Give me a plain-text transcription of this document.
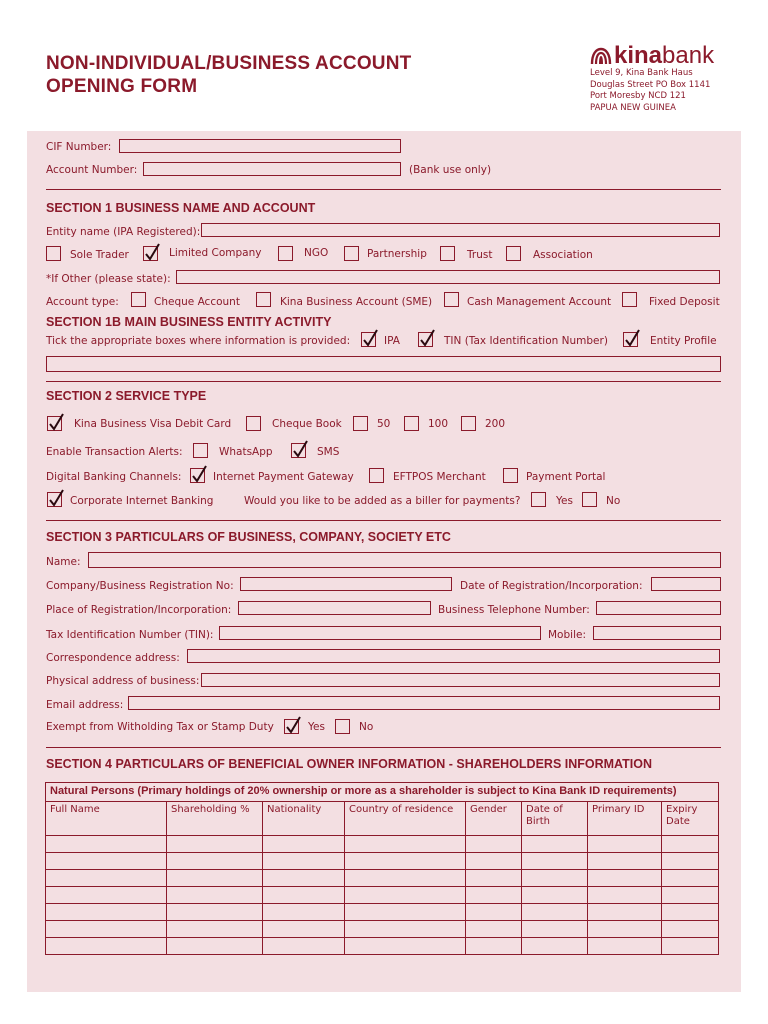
NON-INDIVIDUAL/BUSINESS ACCOUNT
OPENING FORM
kina bank
Level 9, Kina Bank Haus
Douglas Street PO Box 1141
Port Moresby NCD 121
PAPUA NEW GUINEA
CIF Number:
Account Number:	(Bank use only)
SECTION 1 BUSINESS NAME AND ACCOUNT
Entity name (IPA Registered):
Sole Trader	Limited Company	NGO	Partnership	Trust	Association
*If Other (please state):
Account type:	Cheque Account	Kina Business Account (SME)	Cash Management Account	Fixed Deposit
SECTION 1B MAIN BUSINESS ENTITY ACTIVITY
Tick the appropriate boxes where information is provided:	IPA	TIN (Tax Identification Number)	Entity Profile
SECTION 2 SERVICE TYPE
Kina Business Visa Debit Card	Cheque Book	50	100	200
Enable Transaction Alerts:	WhatsApp	SMS
Digital Banking Channels:	Internet Payment Gateway	EFTPOS Merchant	Payment Portal
Corporate Internet Banking	Would you like to be added as a biller for payments?	Yes	No
SECTION 3 PARTICULARS OF BUSINESS, COMPANY, SOCIETY ETC
Name:
Company/Business Registration No:	Date of Registration/Incorporation:
Place of Registration/Incorporation:	Business Telephone Number:
Tax Identification Number (TIN):	Mobile:
Correspondence address:
Physical address of business:
Email address:
Exempt from Witholding Tax or Stamp Duty	Yes	No
SECTION 4 PARTICULARS OF BENEFICIAL OWNER INFORMATION - SHAREHOLDERS INFORMATION
Natural Persons (Primary holdings of 20% ownership or more as a shareholder is subject to Kina Bank ID requirements)							
Full Name	Shareholding %	Nationality	Country of residence	Gender	Date of Birth	Primary ID	Expiry Date
